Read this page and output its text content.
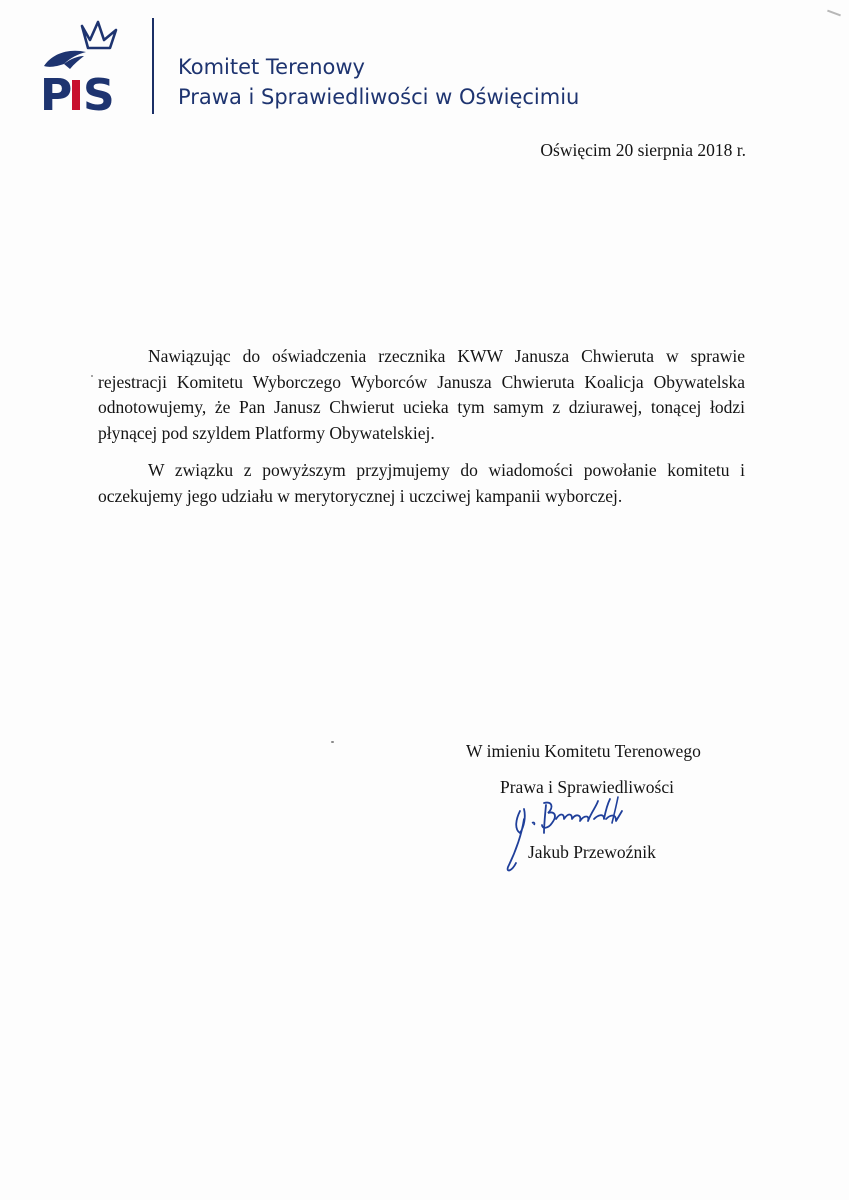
P S
Komitet Terenowy
Prawa i Sprawiedliwości w Oświęcimiu
Oświęcim 20 sierpnia 2018 r.

Nawiązując do oświadczenia rzecznika KWW Janusza Chwieruta w sprawie rejestracji Komitetu Wyborczego Wyborców Janusza Chwieruta Koalicja Obywatelska odnotowujemy, że Pan Janusz Chwierut ucieka tym samym z dziurawej, tonącej łodzi płynącej pod szyldem Platformy Obywatelskiej.

W związku z powyższym przyjmujemy do wiadomości powołanie komitetu i oczekujemy jego udziału w merytorycznej i uczciwej kampanii wyborczej.

W imieniu Komitetu Terenowego
Prawa i Sprawiedliwości
Jakub Przewoźnik
